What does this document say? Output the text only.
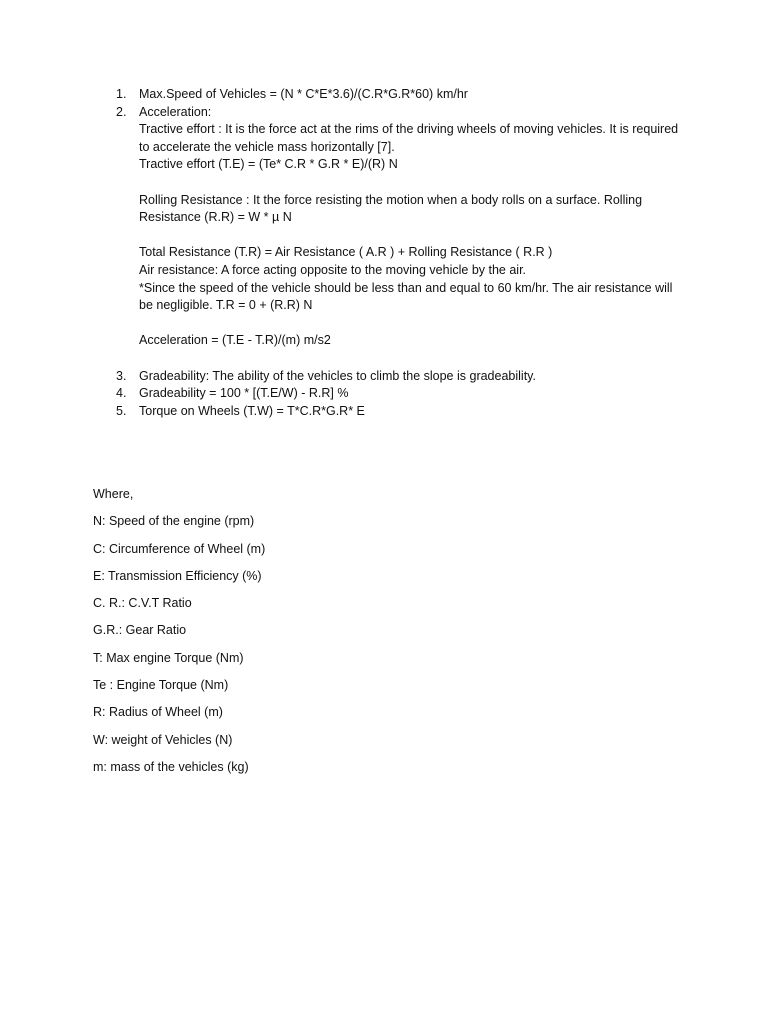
1. Max.Speed of Vehicles = (N * C*E*3.6)/(C.R*G.R*60) km/hr
2. Acceleration:
Tractive effort : It is the force act at the rims of the driving wheels of moving vehicles. It is required to accelerate the vehicle mass horizontally [7].
Tractive effort (T.E) = (Te* C.R * G.R * E)/(R) N
Rolling Resistance : It the force resisting the motion when a body rolls on a surface. Rolling Resistance (R.R) = W * µ N
Total Resistance (T.R) = Air Resistance ( A.R ) + Rolling Resistance ( R.R )
Air resistance: A force acting opposite to the moving vehicle by the air.
*Since the speed of the vehicle should be less than and equal to 60 km/hr. The air resistance will be negligible. T.R = 0 + (R.R) N
Acceleration = (T.E - T.R)/(m) m/s2
3. Gradeability: The ability of the vehicles to climb the slope is gradeability.
4. Gradeability = 100 * [(T.E/W) - R.R] %
5. Torque on Wheels (T.W) = T*C.R*G.R* E
Where,
N: Speed of the engine (rpm)
C: Circumference of Wheel (m)
E: Transmission Efficiency (%)
C. R.: C.V.T Ratio
G.R.: Gear Ratio
T: Max engine Torque (Nm)
Te : Engine Torque (Nm)
R: Radius of Wheel (m)
W: weight of Vehicles (N)
m: mass of the vehicles (kg)
